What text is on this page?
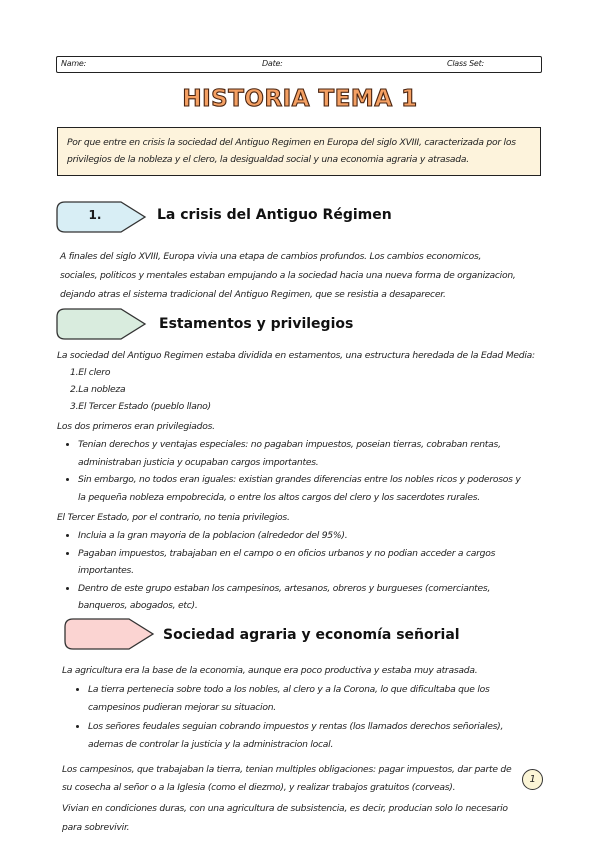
Name:	Date:	Class Set:
HISTORIA TEMA 1
Por que entre en crisis la sociedad del Antiguo Regimen en Europa del siglo XVIII, caracterizada por los privilegios de la nobleza y el clero, la desigualdad social y una economia agraria y atrasada.
1.	La crisis del Antiguo Régimen
A finales del siglo XVIII, Europa vivia una etapa de cambios profundos. Los cambios economicos, sociales, politicos y mentales estaban empujando a la sociedad hacia una nueva forma de organizacion, dejando atras el sistema tradicional del Antiguo Regimen, que se resistia a desaparecer.
Estamentos y privilegios
La sociedad del Antiguo Regimen estaba dividida en estamentos, una estructura heredada de la Edad Media:
1.El clero
2.La nobleza
3.El Tercer Estado (pueblo llano)
Los dos primeros eran privilegiados.
• Tenian derechos y ventajas especiales: no pagaban impuestos, poseian tierras, cobraban rentas, administraban justicia y ocupaban cargos importantes.
• Sin embargo, no todos eran iguales: existian grandes diferencias entre los nobles ricos y poderosos y la pequeña nobleza empobrecida, o entre los altos cargos del clero y los sacerdotes rurales.
El Tercer Estado, por el contrario, no tenia privilegios.
• Incluia a la gran mayoria de la poblacion (alrededor del 95%).
• Pagaban impuestos, trabajaban en el campo o en oficios urbanos y no podian acceder a cargos importantes.
• Dentro de este grupo estaban los campesinos, artesanos, obreros y burgueses (comerciantes, banqueros, abogados, etc).
Sociedad agraria y economía señorial
La agricultura era la base de la economia, aunque era poco productiva y estaba muy atrasada.
• La tierra pertenecia sobre todo a los nobles, al clero y a la Corona, lo que dificultaba que los campesinos pudieran mejorar su situacion.
• Los señores feudales seguian cobrando impuestos y rentas (los llamados derechos señoriales), ademas de controlar la justicia y la administracion local.
Los campesinos, que trabajaban la tierra, tenian multiples obligaciones: pagar impuestos, dar parte de su cosecha al señor o a la Iglesia (como el diezmo), y realizar trabajos gratuitos (corveas).
Vivian en condiciones duras, con una agricultura de subsistencia, es decir, producian solo lo necesario para sobrevivir.
1
